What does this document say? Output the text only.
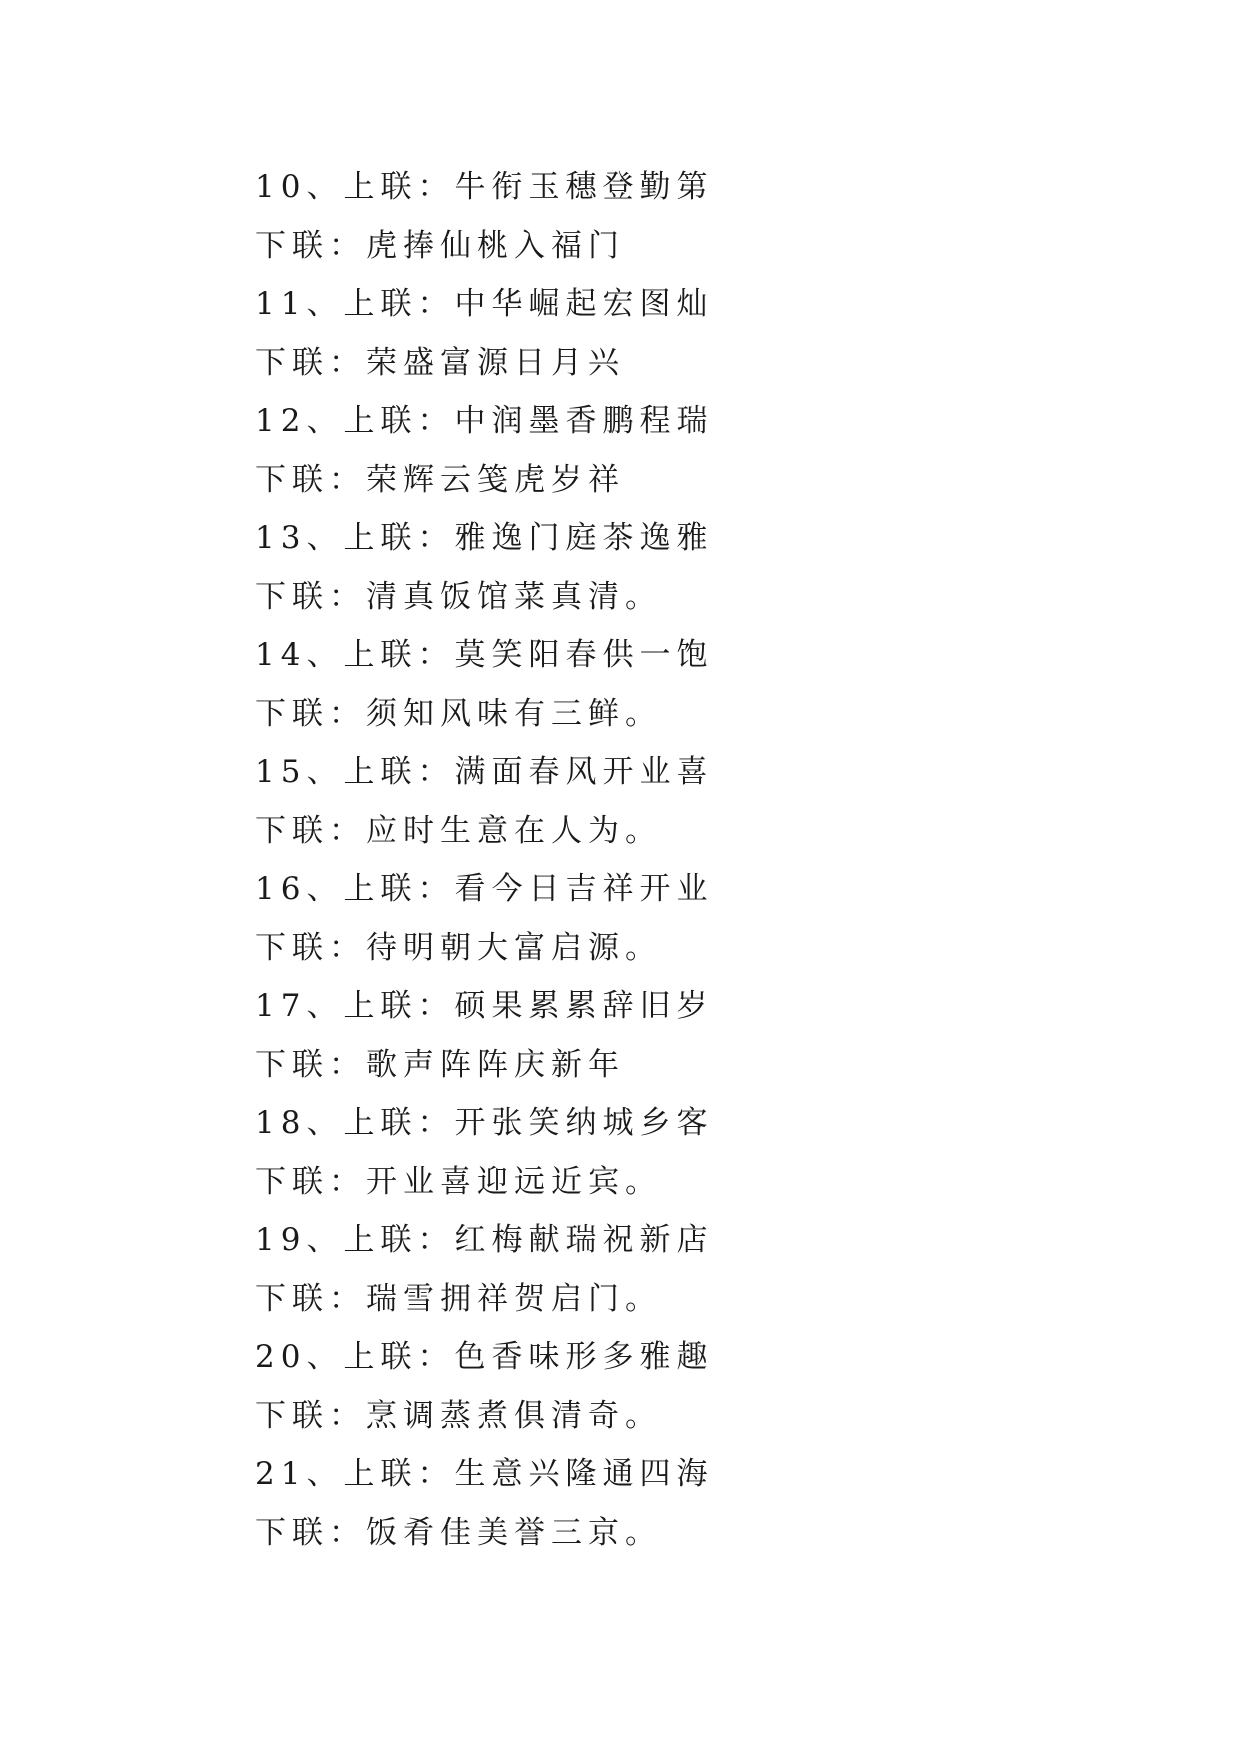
10、上联：牛衔玉穗登勤第
下联：虎捧仙桃入福门
11、上联：中华崛起宏图灿
下联：荣盛富源日月兴
12、上联：中润墨香鹏程瑞
下联：荣辉云笺虎岁祥
13、上联：雅逸门庭茶逸雅
下联：清真饭馆菜真清。
14、上联：莫笑阳春供一饱
下联：须知风味有三鲜。
15、上联：满面春风开业喜
下联：应时生意在人为。
16、上联：看今日吉祥开业
下联：待明朝大富启源。
17、上联：硕果累累辞旧岁
下联：歌声阵阵庆新年
18、上联：开张笑纳城乡客
下联：开业喜迎远近宾。
19、上联：红梅献瑞祝新店
下联：瑞雪拥祥贺启门。
20、上联：色香味形多雅趣
下联：烹调蒸煮俱清奇。
21、上联：生意兴隆通四海
下联：饭肴佳美誉三京。
